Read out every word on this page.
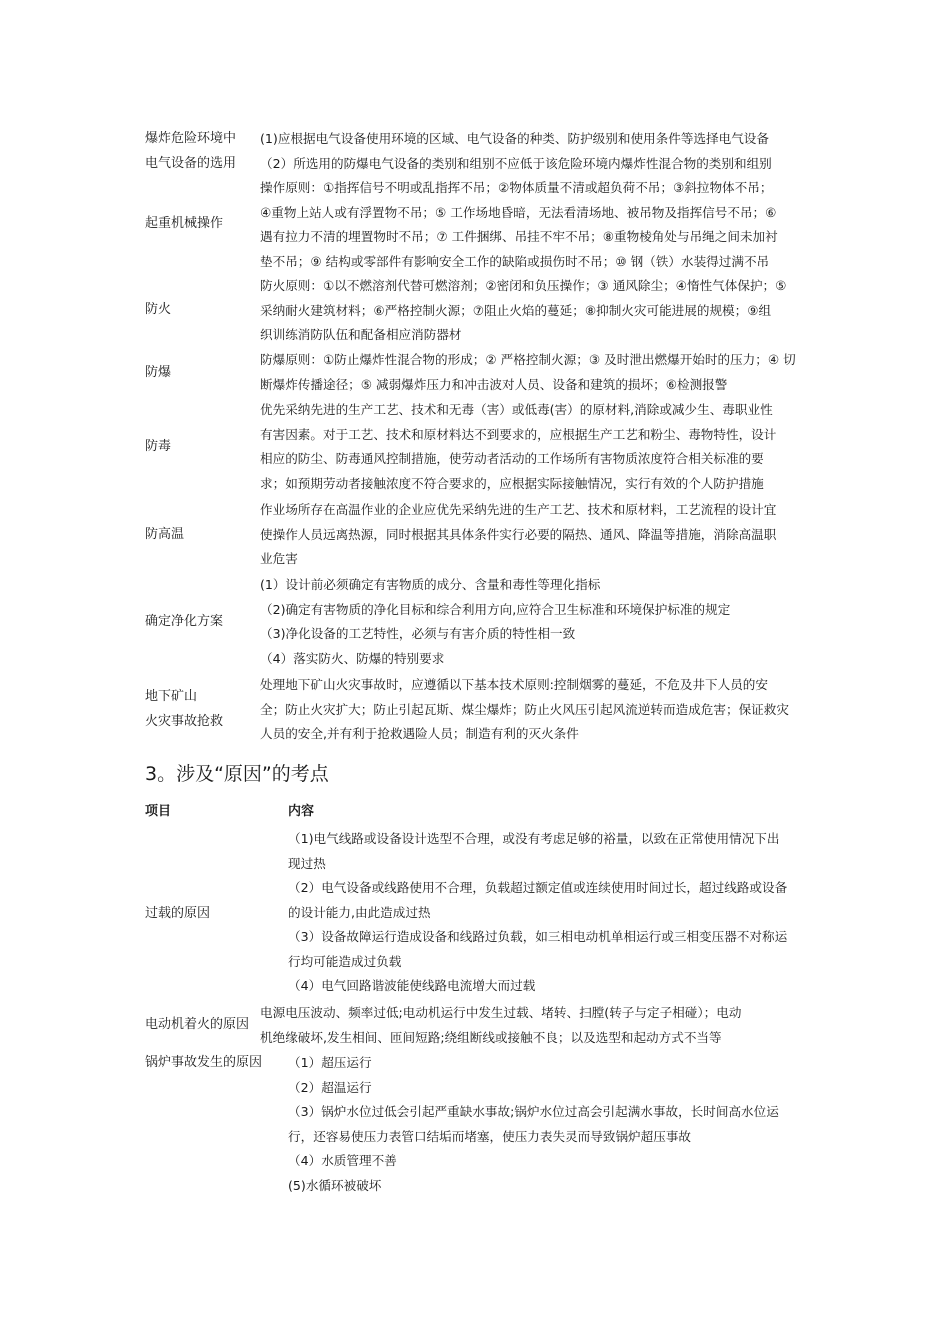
爆炸危险环境中
电气设备的选用
(1)应根据电气设备使用环境的区域、电气设备的种类、防护级别和使用条件等选择电气设备
（2）所选用的防爆电气设备的类别和组别不应低于该危险环境内爆炸性混合物的类别和组别
起重机械操作
操作原则：①指挥信号不明或乱指挥不吊；②物体质量不清或超负荷不吊；③斜拉物体不吊；
④重物上站人或有浮置物不吊；⑤ 工作场地昏暗，无法看清场地、被吊物及指挥信号不吊；⑥
遇有拉力不清的埋置物时不吊；⑦ 工件捆绑、吊挂不牢不吊；⑧重物棱角处与吊绳之间未加衬
垫不吊；⑨ 结构或零部件有影响安全工作的缺陷或损伤时不吊；⑩ 钢（铁）水装得过满不吊
防火
防火原则：①以不燃溶剂代替可燃溶剂；②密闭和负压操作；③ 通风除尘；④惰性气体保护；⑤
采纳耐火建筑材料；⑥严格控制火源；⑦阻止火焰的蔓延；⑧抑制火灾可能进展的规模；⑨组
织训练消防队伍和配备相应消防器材
防爆
防爆原则：①防止爆炸性混合物的形成；② 严格控制火源；③ 及时泄出燃爆开始时的压力；④ 切
断爆炸传播途径；⑤ 减弱爆炸压力和冲击波对人员、设备和建筑的损坏；⑥检测报警
防毒
优先采纳先进的生产工艺、技术和无毒（害）或低毒(害）的原材料,消除或减少生、毒职业性
有害因素。对于工艺、技术和原材料达不到要求的，应根据生产工艺和粉尘、毒物特性，设计
相应的防尘、防毒通风控制措施，使劳动者活动的工作场所有害物质浓度符合相关标准的要
求；如预期劳动者接触浓度不符合要求的，应根据实际接触情况，实行有效的个人防护措施
防高温
作业场所存在高温作业的企业应优先采纳先进的生产工艺、技术和原材料，工艺流程的设计宜
使操作人员远离热源，同时根据其具体条件实行必要的隔热、通风、降温等措施，消除高温职
业危害
确定净化方案
(1）设计前必须确定有害物质的成分、含量和毒性等理化指标
（2)确定有害物质的净化目标和综合利用方向,应符合卫生标准和环境保护标准的规定
（3)净化设备的工艺特性，必须与有害介质的特性相一致
（4）落实防火、防爆的特别要求
地下矿山
火灾事故抢救
处理地下矿山火灾事故时，应遵循以下基本技术原则:控制烟雾的蔓延，不危及井下人员的安
全；防止火灾扩大；防止引起瓦斯、煤尘爆炸；防止火风压引起风流逆转而造成危害；保证救灾
人员的安全,并有利于抢救遇险人员；制造有利的灭火条件
3。涉及“原因”的考点
项目	内容
过载的原因
（1)电气线路或设备设计选型不合理，或没有考虑足够的裕量，以致在正常使用情况下出
现过热
（2）电气设备或线路使用不合理，负载超过额定值或连续使用时间过长，超过线路或设备
的设计能力,由此造成过热
（3）设备故障运行造成设备和线路过负载，如三相电动机单相运行或三相变压器不对称运
行均可能造成过负载
（4）电气回路谐波能使线路电流增大而过载
电动机着火的原因
电源电压波动、频率过低;电动机运行中发生过载、堵转、扫膛(转子与定子相碰）；电动
机绝缘破坏,发生相间、匝间短路;绕组断线或接触不良；以及选型和起动方式不当等
锅炉事故发生的原因 （1）超压运行
（2）超温运行
（3）锅炉水位过低会引起严重缺水事故;锅炉水位过高会引起满水事故，长时间高水位运
行，还容易使压力表管口结垢而堵塞，使压力表失灵而导致锅炉超压事故
（4）水质管理不善
(5)水循环被破坏
